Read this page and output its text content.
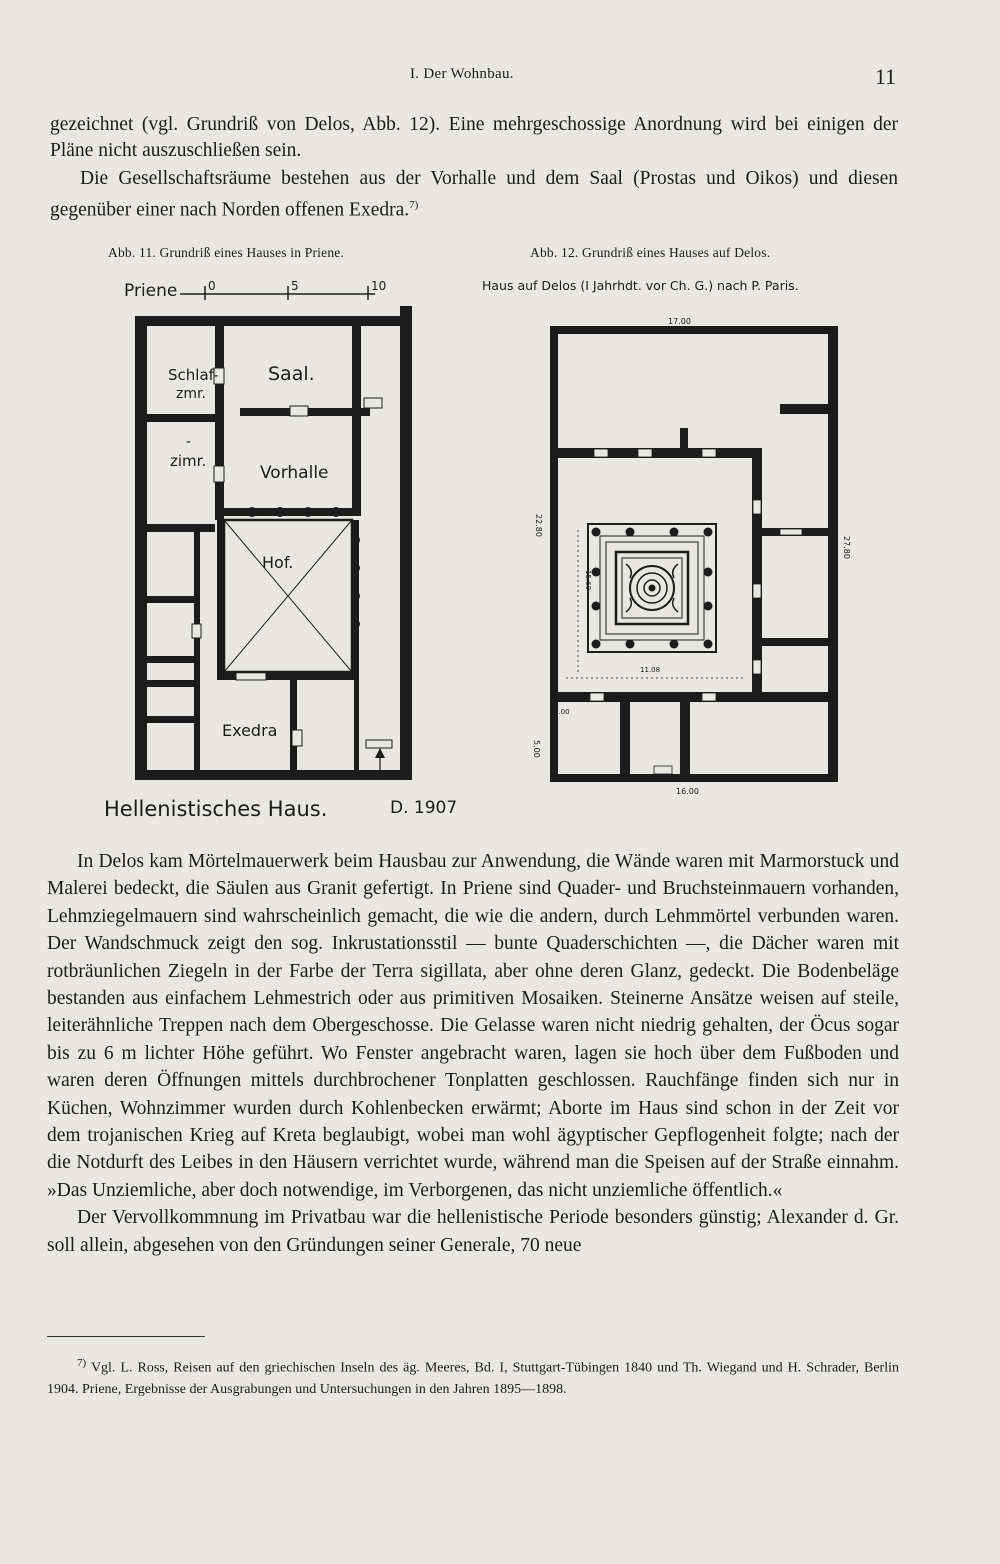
I. Der Wohnbau.	11

gezeichnet (vgl. Grundriß von Delos, Abb. 12). Eine mehrgeschossige Anordnung wird bei einigen der Pläne nicht auszuschließen sein.

Die Gesellschaftsräume bestehen aus der Vorhalle und dem Saal (Prostas und Oikos) und diesen gegenüber einer nach Norden offenen Exedra.$^{7)}$

Abb. 11. Grundriß eines Hauses in Priene.	Abb. 12. Grundriß eines Hauses auf Delos.
Priene	0	5	10
Schlaf-
zmr.
Saal.
-
zimr.
Vorhalle
Hof.
Exedra
Hellenistisches Haus.	D. 1907
Haus auf Delos (I Jahrhdt. vor Ch. G.) nach P. Paris.
17.00
22.80
27.80
15.60
11.08
7.00
5.00
16.00

In Delos kam Mörtelmauerwerk beim Hausbau zur Anwendung, die Wände waren mit Marmorstuck und Malerei bedeckt, die Säulen aus Granit gefertigt. In Priene sind Quader- und Bruchsteinmauern vorhanden, Lehmziegelmauern sind wahrscheinlich gemacht, die wie die andern, durch Lehmmörtel verbunden waren. Der Wandschmuck zeigt den sog. Inkrustationsstil — bunte Quaderschichten —, die Dächer waren mit rotbräunlichen Ziegeln in der Farbe der Terra sigillata, aber ohne deren Glanz, gedeckt. Die Bodenbeläge bestanden aus einfachem Lehmestrich oder aus primitiven Mosaiken. Steinerne Ansätze weisen auf steile, leiterähnliche Treppen nach dem Obergeschosse. Die Gelasse waren nicht niedrig gehalten, der Öcus sogar bis zu 6 m lichter Höhe geführt. Wo Fenster angebracht waren, lagen sie hoch über dem Fußboden und waren deren Öffnungen mittels durchbrochener Tonplatten geschlossen. Rauchfänge finden sich nur in Küchen, Wohnzimmer wurden durch Kohlenbecken erwärmt; Aborte im Haus sind schon in der Zeit vor dem trojanischen Krieg auf Kreta beglaubigt, wobei man wohl ägyptischer Gepflogenheit folgte; nach der die Notdurft des Leibes in den Häusern verrichtet wurde, während man die Speisen auf der Straße einnahm. »Das Unziemliche, aber doch notwendige, im Verborgenen, das nicht unziemliche öffentlich.«

Der Vervollkommnung im Privatbau war die hellenistische Periode besonders günstig; Alexander d. Gr. soll allein, abgesehen von den Gründungen seiner Generale, 70 neue

$^{7)}$ Vgl. L. Ross, Reisen auf den griechischen Inseln des äg. Meeres, Bd. I, Stuttgart-Tübingen 1840 und Th. Wiegand und H. Schrader, Berlin 1904. Priene, Ergebnisse der Ausgrabungen und Untersuchungen in den Jahren 1895—1898.
